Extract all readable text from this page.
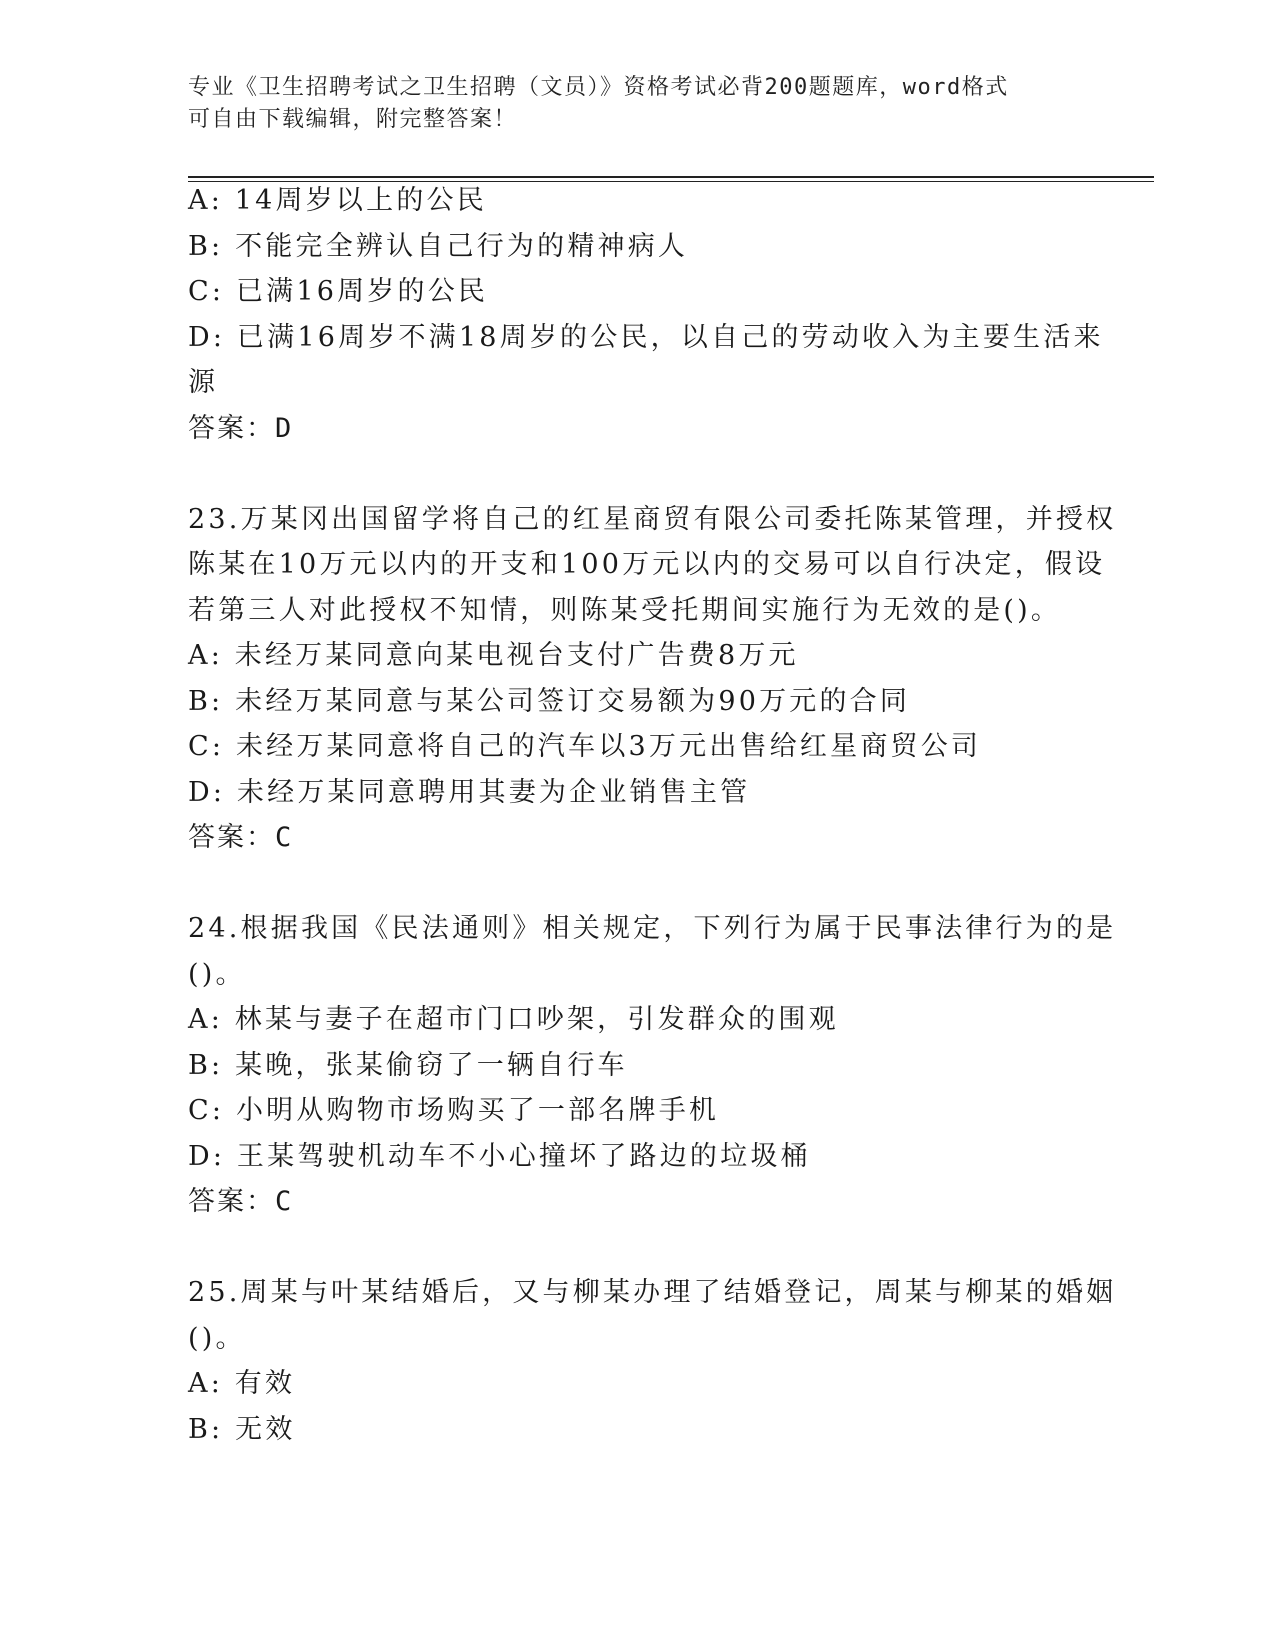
专业《卫生招聘考试之卫生招聘（文员）》资格考试必背200题题库，word格式
可自由下载编辑，附完整答案！
A: 14周岁以上的公民
B: 不能完全辨认自己行为的精神病人
C: 已满16周岁的公民
D: 已满16周岁不满18周岁的公民，以自己的劳动收入为主要生活来
源
答案：D
23.万某冈出国留学将自己的红星商贸有限公司委托陈某管理，并授权
陈某在10万元以内的开支和100万元以内的交易可以自行决定，假设
若第三人对此授权不知情，则陈某受托期间实施行为无效的是()。
A: 未经万某同意向某电视台支付广告费8万元
B: 未经万某同意与某公司签订交易额为90万元的合同
C: 未经万某同意将自己的汽车以3万元出售给红星商贸公司
D: 未经万某同意聘用其妻为企业销售主管
答案：C
24.根据我国《民法通则》相关规定，下列行为属于民事法律行为的是
()。
A: 林某与妻子在超市门口吵架，引发群众的围观
B: 某晚，张某偷窃了一辆自行车
C: 小明从购物市场购买了一部名牌手机
D: 王某驾驶机动车不小心撞坏了路边的垃圾桶
答案：C
25.周某与叶某结婚后，又与柳某办理了结婚登记，周某与柳某的婚姻
()。
A: 有效
B: 无效
